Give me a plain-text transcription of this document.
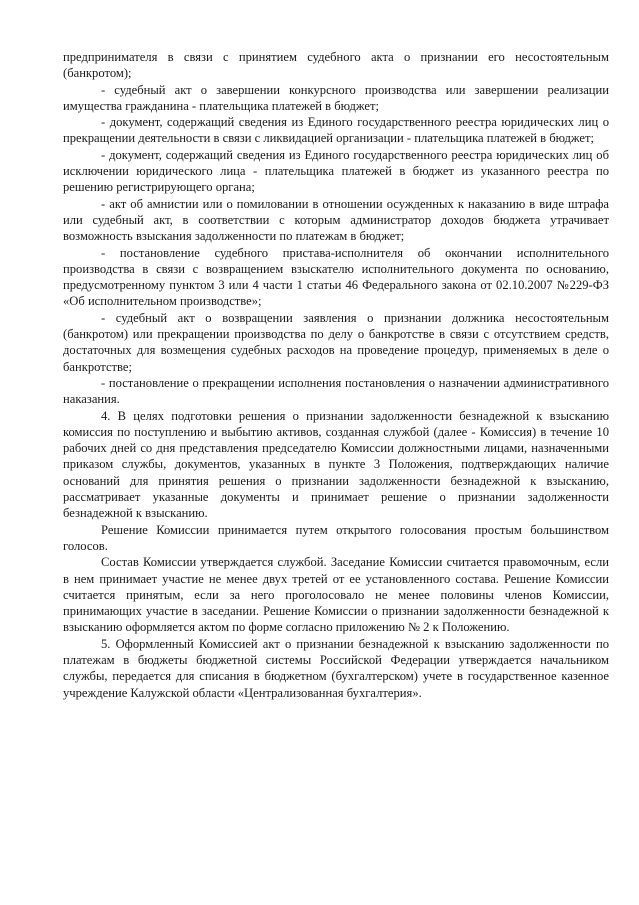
предпринимателя в связи с принятием судебного акта о признании его несостоятельным (банкротом);

- судебный акт о завершении конкурсного производства или завершении реализации имущества гражданина - плательщика платежей в бюджет;

- документ, содержащий сведения из Единого государственного реестра юридических лиц о прекращении деятельности в связи с ликвидацией организации - плательщика платежей в бюджет;

- документ, содержащий сведения из Единого государственного реестра юридических лиц об исключении юридического лица - плательщика платежей в бюджет из указанного реестра по решению регистрирующего органа;

- акт об амнистии или о помиловании в отношении осужденных к наказанию в виде штрафа или судебный акт, в соответствии с которым администратор доходов бюджета утрачивает возможность взыскания задолженности по платежам в бюджет;

- постановление судебного пристава-исполнителя об окончании исполнительного производства в связи с возвращением взыскателю исполнительного документа по основанию, предусмотренному пунктом 3 или 4 части 1 статьи 46 Федерального закона от 02.10.2007 №229-ФЗ «Об исполнительном производстве»;

- судебный акт о возвращении заявления о признании должника несостоятельным (банкротом) или прекращении производства по делу о банкротстве в связи с отсутствием средств, достаточных для возмещения судебных расходов на проведение процедур, применяемых в деле о банкротстве;

- постановление о прекращении исполнения постановления о назначении административного наказания.

4. В целях подготовки решения о признании задолженности безнадежной к взысканию комиссия по поступлению и выбытию активов, созданная службой (далее - Комиссия) в течение 10 рабочих дней со дня представления председателю Комиссии должностными лицами, назначенными приказом службы, документов, указанных в пункте 3 Положения, подтверждающих наличие оснований для принятия решения о признании задолженности безнадежной к взысканию, рассматривает указанные документы и принимает решение о признании задолженности безнадежной к взысканию.

Решение Комиссии принимается путем открытого голосования простым большинством голосов.

Состав Комиссии утверждается службой. Заседание Комиссии считается правомочным, если в нем принимает участие не менее двух третей от ее установленного состава. Решение Комиссии считается принятым, если за него проголосовало не менее половины членов Комиссии, принимающих участие в заседании. Решение Комиссии о признании задолженности безнадежной к взысканию оформляется актом по форме согласно приложению № 2 к Положению.

5. Оформленный Комиссией акт о признании безнадежной к взысканию задолженности по платежам в бюджеты бюджетной системы Российской Федерации утверждается начальником службы, передается для списания в бюджетном (бухгалтерском) учете в государственное казенное учреждение Калужской области «Централизованная бухгалтерия».
